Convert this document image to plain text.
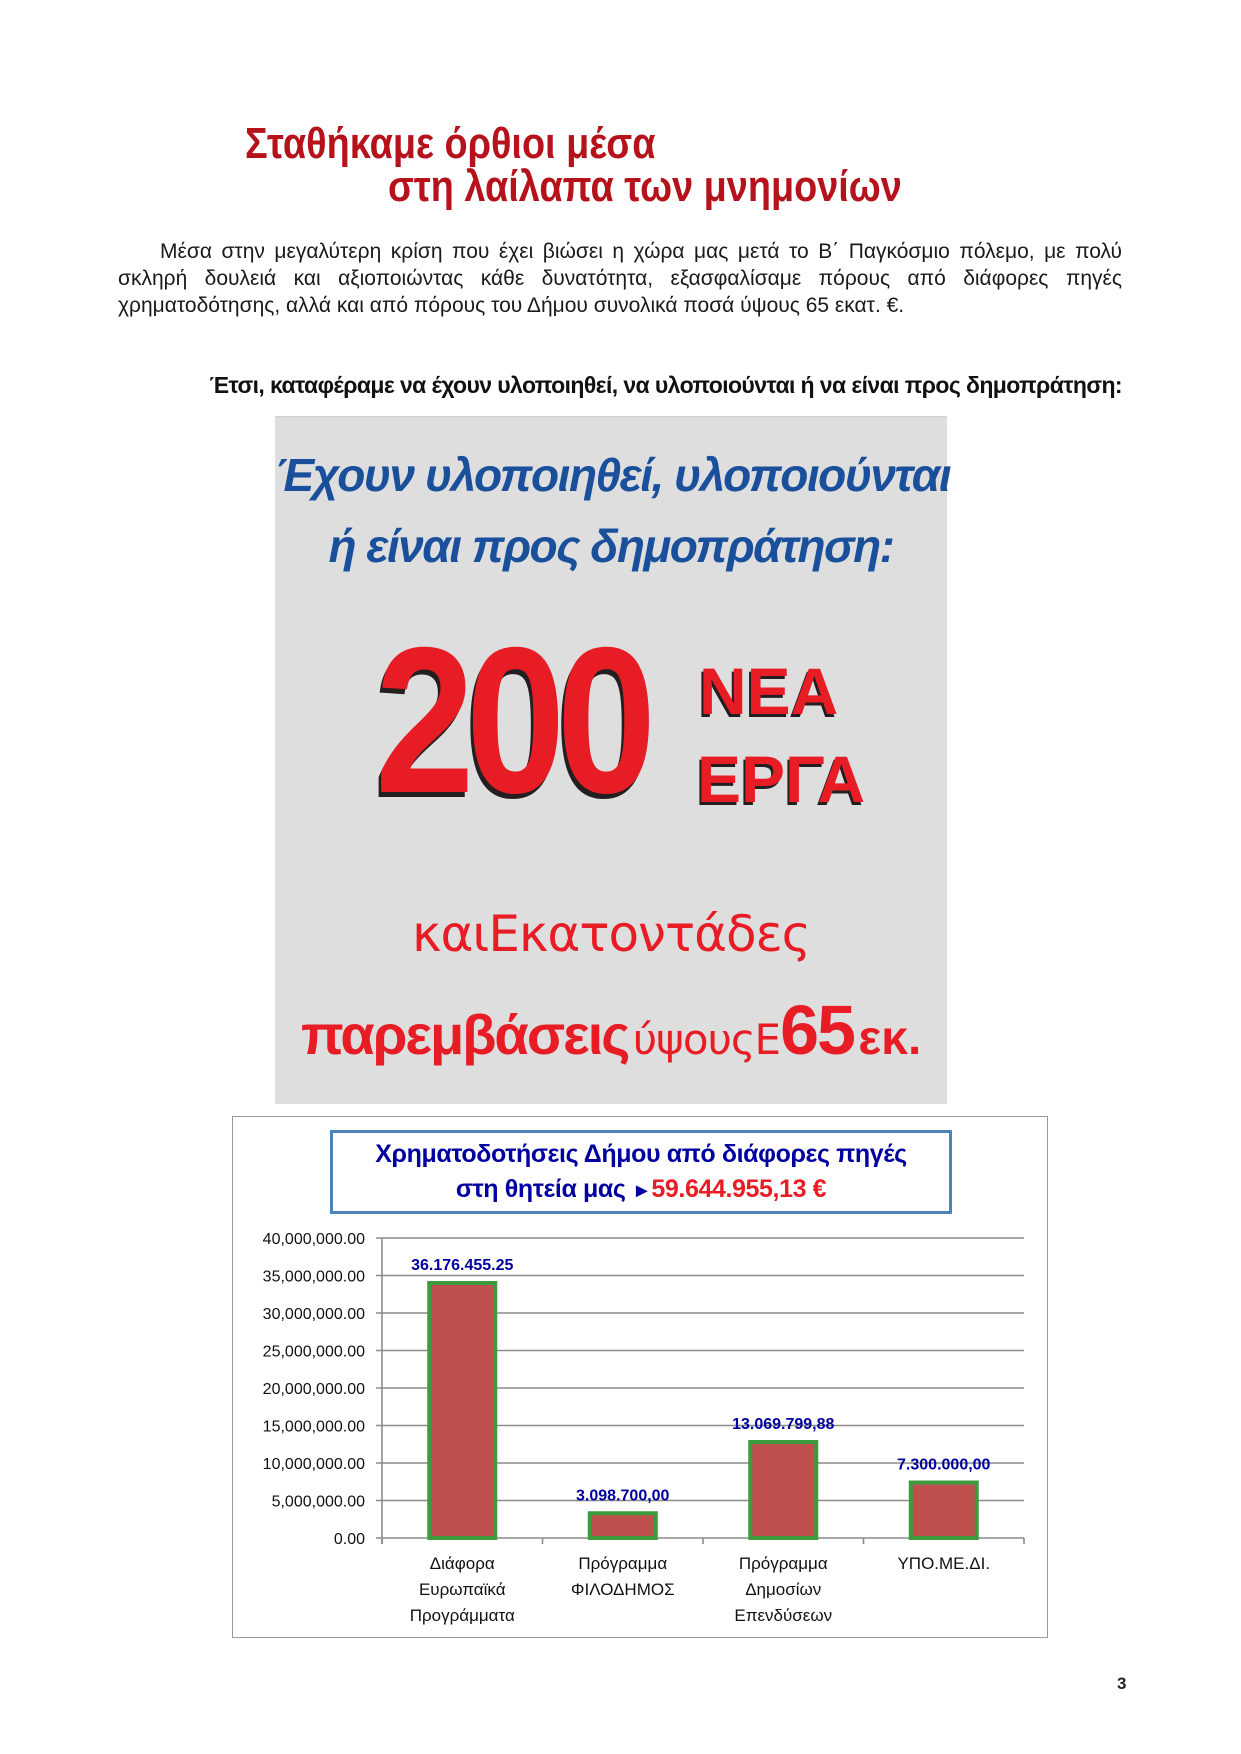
Σταθήκαμε όρθιοι μέσα
στη λαίλαπα των μνημονίων
Μέσα στην μεγαλύτερη κρίση που έχει βιώσει η χώρα μας μετά το Β΄ Παγκόσμιο πόλεμο, με πολύ σκληρή δουλειά και αξιοποιώντας κάθε δυνατότητα, εξασφαλίσαμε πόρους από διάφορες πηγές χρηματοδότησης, αλλά και από πόρους του Δήμου συνολικά ποσά ύψους 65 εκατ. €.
Έτσι, καταφέραμε να έχουν υλοποιηθεί, να υλοποιούνται ή να είναι προς δημοπράτηση:
Έχουν υλοποιηθεί, υλοποιούνται
ή είναι προς δημοπράτηση:
200 ΝΕΑ
ΕΡΓΑ
καιΕκατοντάδες
παρεμβάσεις ύψουςΕ65 εκ.
Χρηματοδοτήσεις Δήμου από διάφορες πηγές
στη θητεία μας ►59.644.955,13 €
0.00
5,000,000.00
10,000,000.00
15,000,000.00
20,000,000.00
25,000,000.00
30,000,000.00
35,000,000.00
40,000,000.00
36.176.455.25
Διάφορα
Ευρωπαϊκά
Προγράμματα
3.098.700,00
Πρόγραμμα
ΦΙΛΟΔΗΜΟΣ
13.069.799,88
Πρόγραμμα
Δημοσίων
Επενδύσεων
7.300.000,00
ΥΠΟ.ΜΕ.ΔΙ.
3
